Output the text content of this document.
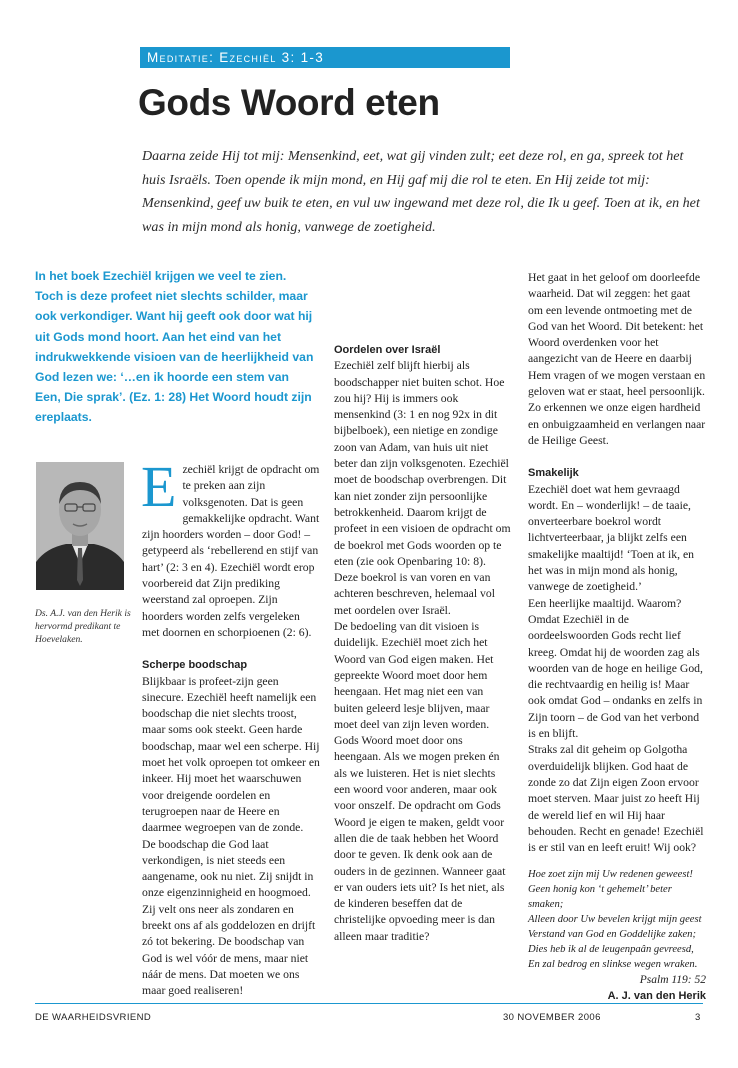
Meditatie: Ezechiël 3: 1-3
Gods Woord eten

Daarna zeide Hij tot mij: Mensenkind, eet, wat gij vinden zult; eet deze rol, en ga, spreek tot het huis Israëls. Toen opende ik mijn mond, en Hij gaf mij die rol te eten. En Hij zeide tot mij: Mensenkind, geef uw buik te eten, en vul uw ingewand met deze rol, die Ik u geef. Toen at ik, en het was in mijn mond als honig, vanwege de zoetigheid.

In het boek Ezechiël krijgen we veel te zien. Toch is deze profeet niet slechts schilder, maar ook verkondiger. Want hij geeft ook door wat hij uit Gods mond hoort. Aan het eind van het indrukwekkende visioen van de heerlijkheid van God lezen we: ‘…en ik hoorde een stem van Een, Die sprak’. (Ez. 1: 28) Het Woord houdt zijn ereplaats.

Ds. A.J. van den Herik is hervormd predikant te Hoevelaken.

E zechiël krijgt de opdracht om te preken aan zijn volksgenoten. Dat is geen gemakkelijke opdracht. Want zijn hoorders worden – door God! – getypeerd als ‘rebellerend en stijf van hart’ (2: 3 en 4). Ezechiël wordt erop voorbereid dat Zijn prediking weerstand zal oproepen. Zijn hoorders worden zelfs vergeleken met doornen en schorpioenen (2: 6).

Scherpe boodschap

Blijkbaar is profeet-zijn geen sinecure. Ezechiël heeft namelijk een boodschap die niet slechts troost, maar soms ook steekt. Geen harde boodschap, maar wel een scherpe. Hij moet het volk oproepen tot omkeer en inkeer. Hij moet het waarschuwen voor dreigende oordelen en terugroepen naar de Heere en daarmee wegroepen van de zonde.

De boodschap die God laat verkondigen, is niet steeds een aangename, ook nu niet. Zij snijdt in onze eigenzinnigheid en hoogmoed. Zij velt ons neer als zondaren en breekt ons af als goddelozen en drijft zó tot bekering. De boodschap van God is wel vóór de mens, maar niet náár de mens. Dat moeten we ons maar goed realiseren!

Oordelen over Israël

Ezechiël zelf blijft hierbij als boodschapper niet buiten schot. Hoe zou hij? Hij is immers ook mensenkind (3: 1 en nog 92x in dit bijbelboek), een nietige en zondige zoon van Adam, van huis uit niet beter dan zijn volksgenoten. Ezechiël moet de boodschap overbrengen. Dit kan niet zonder zijn persoonlijke betrokkenheid. Daarom krijgt de profeet in een visioen de opdracht om de boekrol met Gods woorden op te eten (zie ook Openbaring 10: 8). Deze boekrol is van voren en van achteren beschreven, helemaal vol met oordelen over Israël.

De bedoeling van dit visioen is duidelijk. Ezechiël moet zich het Woord van God eigen maken. Het gepreekte Woord moet door hem heengaan. Het mag niet een van buiten geleerd lesje blijven, maar moet deel van zijn leven worden. Gods Woord moet door ons heengaan. Als we mogen preken én als we luisteren. Het is niet slechts een woord voor anderen, maar ook voor onszelf. De opdracht om Gods Woord je eigen te maken, geldt voor allen die de taak hebben het Woord door te geven. Ik denk ook aan de ouders in de gezinnen. Wanneer gaat er van ouders iets uit? Is het niet, als de kinderen beseffen dat de christelijke opvoeding meer is dan alleen maar traditie?

Het gaat in het geloof om doorleefde waarheid. Dat wil zeggen: het gaat om een levende ontmoeting met de God van het Woord. Dit betekent: het Woord overdenken voor het aangezicht van de Heere en daarbij Hem vragen of we mogen verstaan en geloven wat er staat, heel persoonlijk. Zo erkennen we onze eigen hardheid en onbuigzaamheid en verlangen naar de Heilige Geest.

Smakelijk

Ezechiël doet wat hem gevraagd wordt. En – wonderlijk! – de taaie, onverteerbare boekrol wordt lichtverteerbaar, ja blijkt zelfs een smakelijke maaltijd! ‘Toen at ik, en het was in mijn mond als honig, vanwege de zoetigheid.’

Een heerlijke maaltijd. Waarom? Omdat Ezechiël in de oordeelswoorden Gods recht lief kreeg. Omdat hij de woorden zag als woorden van de hoge en heilige God, die rechtvaardig en heilig is! Maar ook omdat God – ondanks en zelfs in Zijn toorn – de God van het verbond is en blijft.

Straks zal dit geheim op Golgotha overduidelijk blijken. God haat de zonde zo dat Zijn eigen Zoon ervoor moet sterven. Maar juist zo heeft Hij de wereld lief en wil Hij haar behouden. Recht en genade! Ezechiël is er stil van en leeft eruit! Wij ook?

Hoe zoet zijn mij Uw redenen geweest!
Geen honig kon ‘t gehemelt’ beter smaken;
Alleen door Uw bevelen krijgt mijn geest
Verstand van God en Goddelijke zaken;
Dies heb ik al de leugenpaân gevreesd,
En zal bedrog en slinkse wegen wraken.
Psalm 119: 52

A. J. van den Herik

DE WAARHEIDSVRIEND	30 NOVEMBER 2006	3
